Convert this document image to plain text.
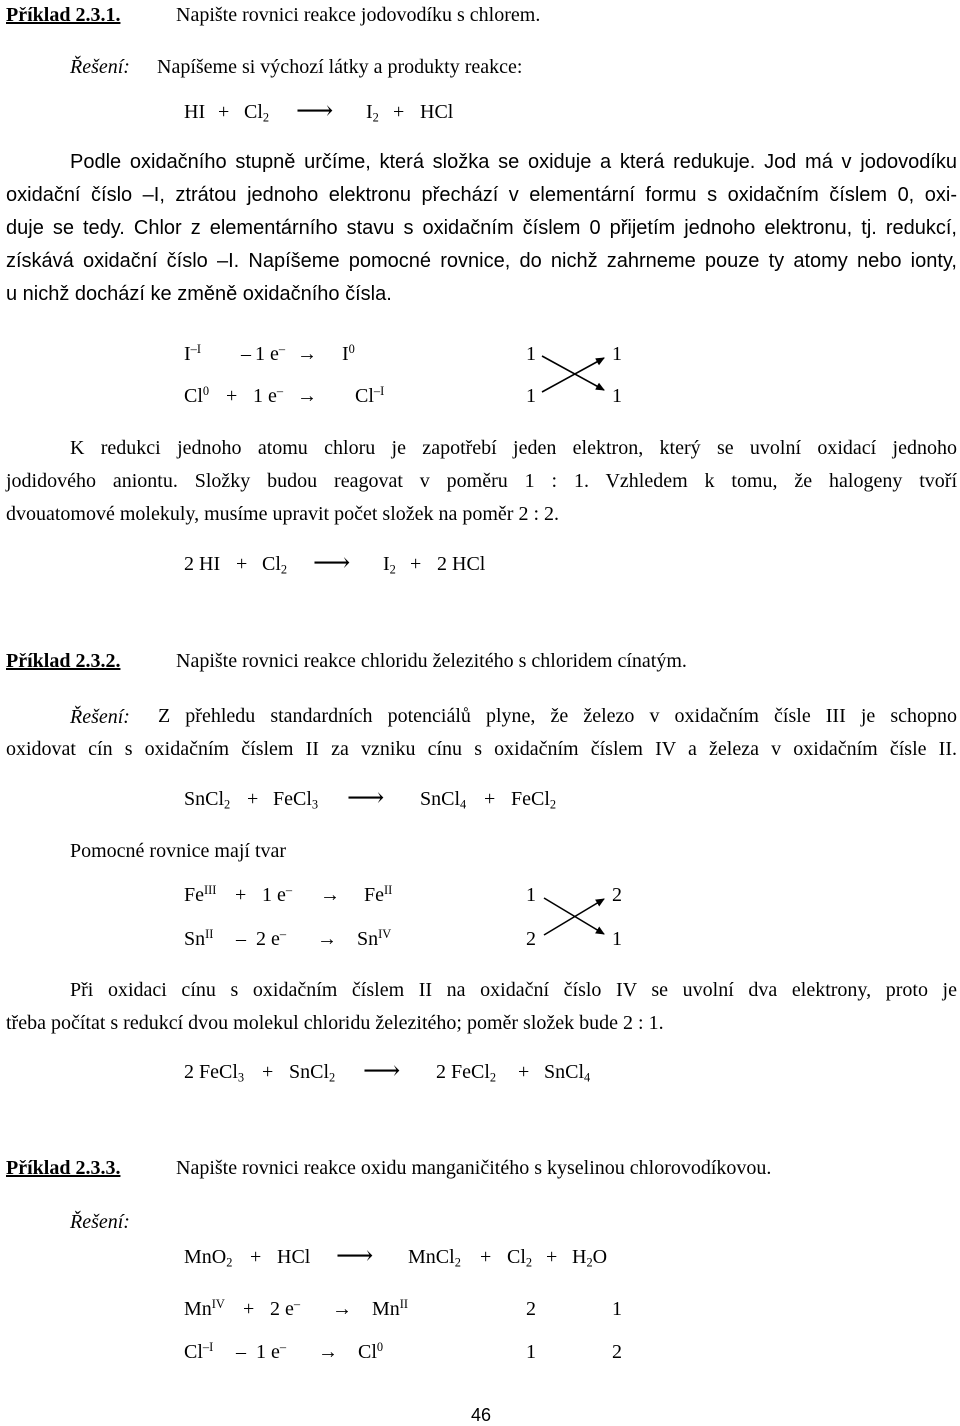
Příklad 2.3.1.	Napište rovnici reakce jodovodíku s chlorem.
Řešení: Napíšeme si výchozí látky a produkty reakce:
HI + $Cl_2$ ⟶ $I_2$ + HCl
Podle oxidačního stupně určíme, která složka se oxiduje a která redukuje. Jod má v jodovodíku
oxidační číslo –I, ztrátou jednoho elektronu přechází v elementární formu s oxidačním číslem 0, oxi-
duje se tedy. Chlor z elementárního stavu s oxidačním číslem 0 přijetím jednoho elektronu, tj. redukcí,
získává oxidační číslo –I. Napíšeme pomocné rovnice, do nichž zahrneme pouze ty atomy nebo ionty,
u nichž dochází ke změně oxidačního čísla.
$I^{-I} - 1$ $e^- \to I^0$	1	1
$Cl^0 + 1$ $e^- \to Cl^{-I}$	1	1
K redukci jednoho atomu chloru je zapotřebí jeden elektron, který se uvolní oxidací jednoho
jodidového aniontu. Složky budou reagovat v poměru 1 : 1. Vzhledem k tomu, že halogeny tvoří
dvouatomové molekuly, musíme upravit počet složek na poměr 2 : 2.
2 HI + $Cl_2$ ⟶ $I_2 + 2$ HCl
Příklad 2.3.2.	Napište rovnici reakce chloridu železitého s chloridem cínatým.
Řešení:	Z přehledu standardních potenciálů plyne, že železo v oxidačním čísle III je schopno
oxidovat cín s oxidačním číslem II za vzniku cínu s oxidačním číslem IV a železa v oxidačním čísle II.
SnCl$_2$ + FeCl$_3$ ⟶ SnCl$_4$ + FeCl$_2$
Pomocné rovnice mají tvar
$Fe^{III} + 1$ $e^- \to Fe^{II}$	1	2
$Sn^{II} - 2$ $e^- \to Sn^{IV}$	2	1
Při oxidaci cínu s oxidačním číslem II na oxidační číslo IV se uvolní dva elektrony, proto je
třeba počítat s redukcí dvou molekul chloridu železitého; poměr složek bude 2 : 1.
2 FeCl$_3$ + SnCl$_2$ ⟶ 2 FeCl$_2$ + SnCl$_4$
Příklad 2.3.3.	Napište rovnici reakce oxidu manganičitého s kyselinou chlorovodíkovou.
Řešení:
MnO$_2$ + HCl ⟶ MnCl$_2$ + $Cl_2 + H_2O$
$Mn^{IV} + 2$ $e^- \to Mn^{II}$	2	1
$Cl^{-I} - 1$ $e^- \to Cl^0$	1	2
46
